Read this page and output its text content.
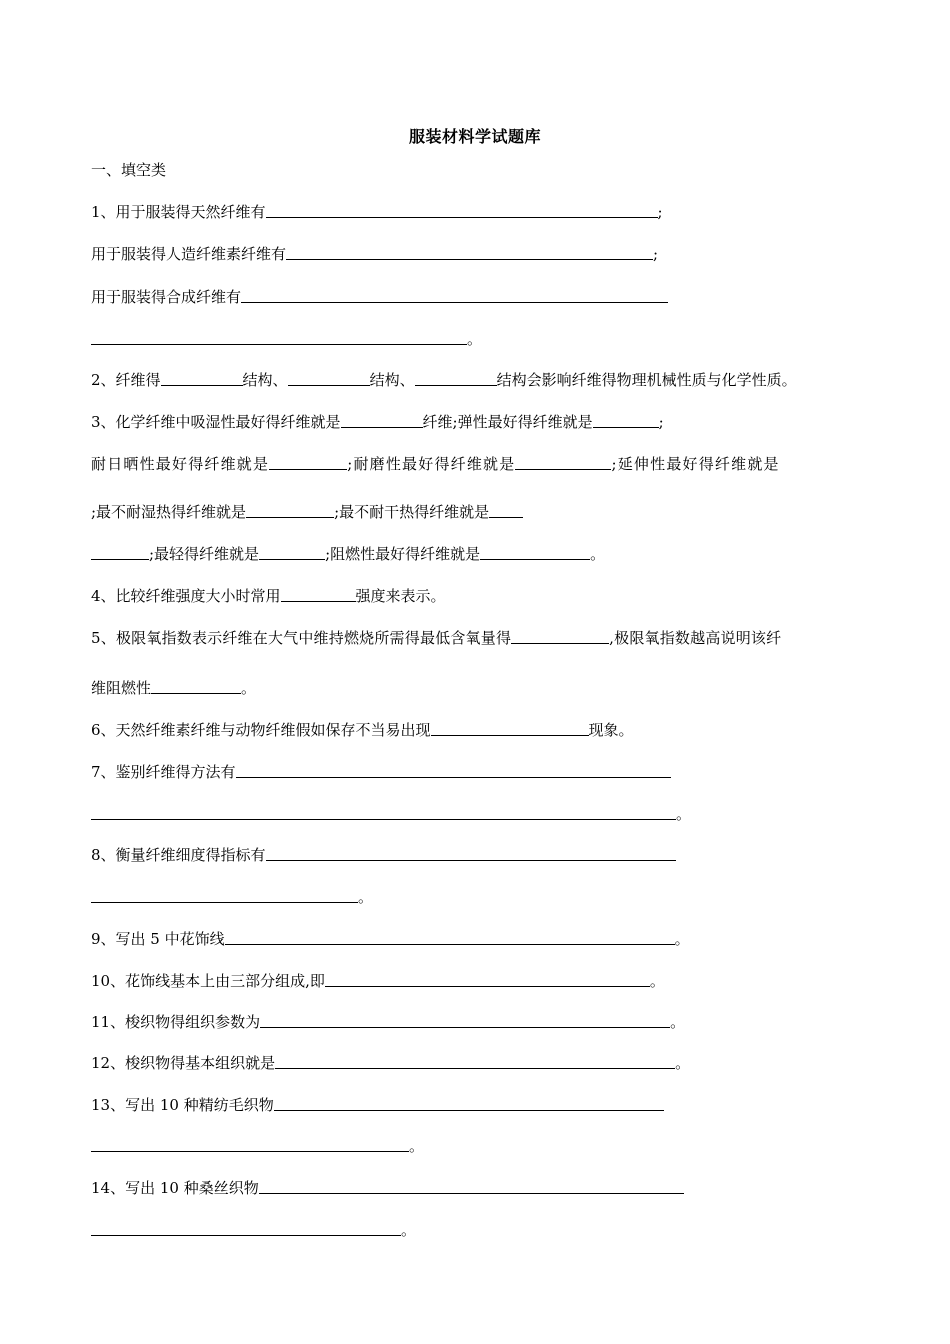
服装材料学试题库
一、填空类
1、用于服装得天然纤维有	;
用于服装得人造纤维素纤维有	;
用于服装得合成纤维有
。
2、纤维得	结构、	结构、	结构会影响纤维得物理机械性质与化学性质。
3、化学纤维中吸湿性最好得纤维就是	纤维;弹性最好得纤维就是	;
耐日晒性最好得纤维就是	;耐磨性最好得纤维就是	;延伸性最好得纤维就是
;最不耐湿热得纤维就是	;最不耐干热得纤维就是
;最轻得纤维就是	;阻燃性最好得纤维就是	。
4、比较纤维强度大小时常用	强度来表示。
5、极限氧指数表示纤维在大气中维持燃烧所需得最低含氧量得	,极限氧指数越高说明该纤
维阻燃性	。
6、天然纤维素纤维与动物纤维假如保存不当易出现	现象。
7、鉴别纤维得方法有
。
8、衡量纤维细度得指标有
。
9、写出 5 中花饰线	。
10、花饰线基本上由三部分组成,即	。
11、梭织物得组织参数为	。
12、梭织物得基本组织就是	。
13、写出 10 种精纺毛织物
。
14、写出 10 种桑丝织物
。
